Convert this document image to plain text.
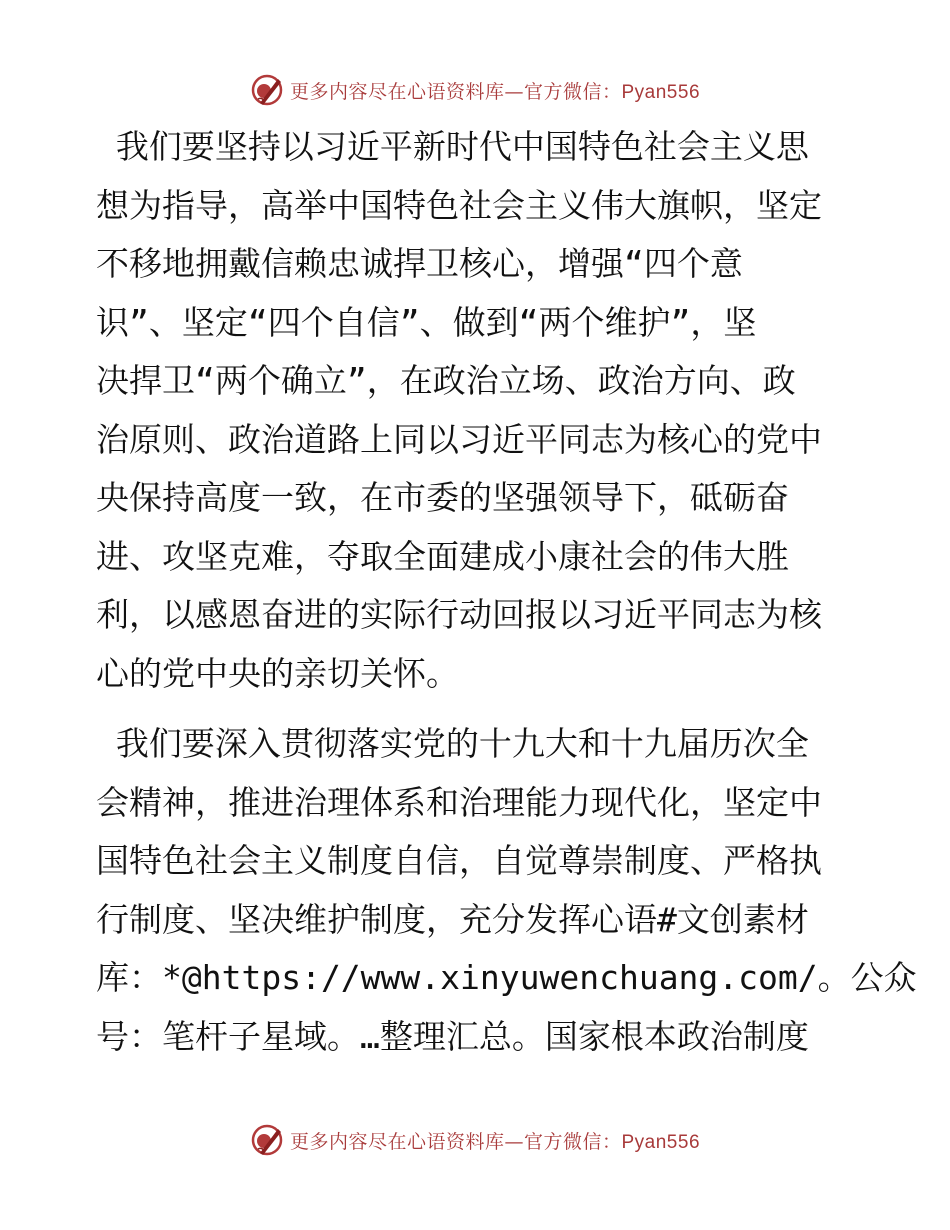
更多内容尽在心语资料库—官方微信：Pyan556
我们要坚持以习近平新时代中国特色社会主义思
想为指导，高举中国特色社会主义伟大旗帜，坚定
不移地拥戴信赖忠诚捍卫核心，增强“四个意
识”、坚定“四个自信”、做到“两个维护”，坚
决捍卫“两个确立”，在政治立场、政治方向、政
治原则、政治道路上同以习近平同志为核心的党中
央保持高度一致，在市委的坚强领导下，砥砺奋
进、攻坚克难，夺取全面建成小康社会的伟大胜
利，以感恩奋进的实际行动回报以习近平同志为核
心的党中央的亲切关怀。
我们要深入贯彻落实党的十九大和十九届历次全
会精神，推进治理体系和治理能力现代化，坚定中
国特色社会主义制度自信，自觉尊崇制度、严格执
行制度、坚决维护制度，充分发挥心语#文创素材
库：*@https://www.xinyuwenchuang.com/。公众
号：笔杆子星域。…整理汇总。国家根本政治制度
更多内容尽在心语资料库—官方微信：Pyan556
